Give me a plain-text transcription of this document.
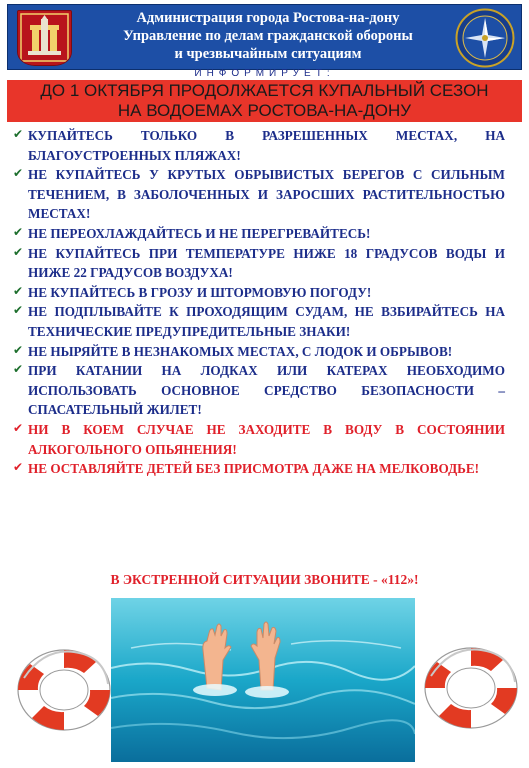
Администрация города Ростова-на-дону
Управление по делам гражданской обороны
и чрезвычайным ситуациям
ИНФОРМИРУЕТ:
ДО 1 ОКТЯБРЯ ПРОДОЛЖАЕТСЯ КУПАЛЬНЫЙ СЕЗОН
НА ВОДОЕМАХ РОСТОВА-НА-ДОНУ
✔ КУПАЙТЕСЬ ТОЛЬКО В РАЗРЕШЕННЫХ МЕСТАХ, НА БЛАГОУСТРОЕННЫХ ПЛЯЖАХ!
✔ НЕ КУПАЙТЕСЬ У КРУТЫХ ОБРЫВИСТЫХ БЕРЕГОВ С СИЛЬНЫМ ТЕЧЕНИЕМ, В ЗАБОЛОЧЕННЫХ И ЗАРОСШИХ РАСТИТЕЛЬНОСТЬЮ МЕСТАХ!
✔ НЕ ПЕРЕОХЛАЖДАЙТЕСЬ И НЕ ПЕРЕГРЕВАЙТЕСЬ!
✔ НЕ КУПАЙТЕСЬ ПРИ ТЕМПЕРАТУРЕ НИЖЕ 18 ГРАДУСОВ ВОДЫ И НИЖЕ 22 ГРАДУСОВ ВОЗДУХА!
✔ НЕ КУПАЙТЕСЬ В ГРОЗУ И ШТОРМОВУЮ ПОГОДУ!
✔ НЕ ПОДПЛЫВАЙТЕ К ПРОХОДЯЩИМ СУДАМ, НЕ ВЗБИРАЙТЕСЬ НА ТЕХНИЧЕСКИЕ ПРЕДУПРЕДИТЕЛЬНЫЕ ЗНАКИ!
✔ НЕ НЫРЯЙТЕ В НЕЗНАКОМЫХ МЕСТАХ, С ЛОДОК И ОБРЫВОВ!
✔ ПРИ КАТАНИИ НА ЛОДКАХ ИЛИ КАТЕРАХ НЕОБХОДИМО ИСПОЛЬЗОВАТЬ ОСНОВНОЕ СРЕДСТВО БЕЗОПАСНОСТИ – СПАСАТЕЛЬНЫЙ ЖИЛЕТ!
✔ НИ В КОЕМ СЛУЧАЕ НЕ ЗАХОДИТЕ В ВОДУ В СОСТОЯНИИ АЛКОГОЛЬНОГО ОПЬЯНЕНИЯ!
✔ НЕ ОСТАВЛЯЙТЕ ДЕТЕЙ БЕЗ ПРИСМОТРА ДАЖЕ НА МЕЛКОВОДЬЕ!
В ЭКСТРЕННОЙ СИТУАЦИИ ЗВОНИТЕ - «112»!
